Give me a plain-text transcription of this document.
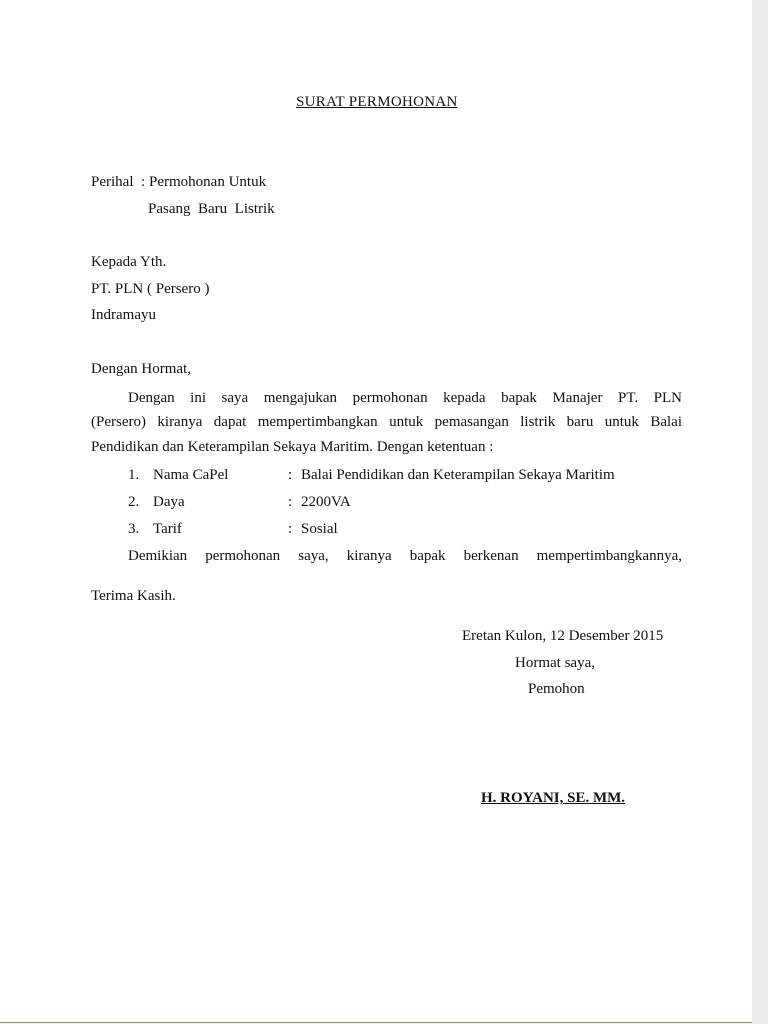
SURAT PERMOHONAN

Perihal : Permohonan Untuk

Pasang  Baru  Listrik

Kepada Yth.

PT. PLN ( Persero )

Indramayu

Dengan Hormat,

Dengan ini saya mengajukan permohonan kepada bapak Manajer PT. PLN

(Persero) kiranya dapat mempertimbangkan untuk pemasangan listrik baru untuk Balai

Pendidikan dan Keterampilan Sekaya Maritim. Dengan ketentuan :

1. Nama CaPel	: Balai Pendidikan dan Keterampilan Sekaya Maritim

2. Daya	: 2200VA

3. Tarif	: Sosial

Demikian permohonan saya, kiranya bapak berkenan mempertimbangkannya,

Terima Kasih.

Eretan Kulon, 12 Desember 2015

Hormat saya,

Pemohon

H. ROYANI, SE. MM.
